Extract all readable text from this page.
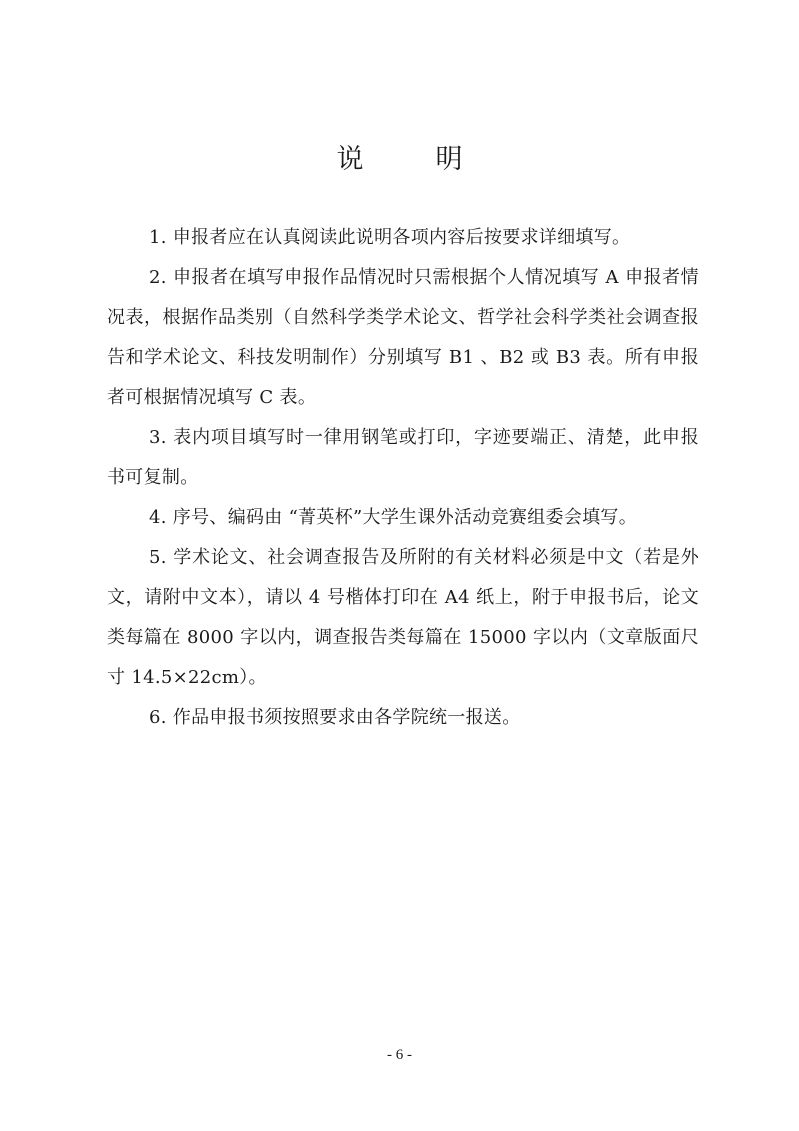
说	明

1. 申报者应在认真阅读此说明各项内容后按要求详细填写。

2. 申报者在填写申报作品情况时只需根据个人情况填写 A 申报者情况表，根据作品类别（自然科学类学术论文、哲学社会科学类社会调查报告和学术论文、科技发明制作）分别填写 B1 、B2 或 B3 表。所有申报者可根据情况填写 C 表。

3. 表内项目填写时一律用钢笔或打印，字迹要端正、清楚，此申报书可复制。

4. 序号、编码由 “菁英杯”大学生课外活动竞赛组委会填写。

5. 学术论文、社会调查报告及所附的有关材料必须是中文（若是外文，请附中文本），请以 4 号楷体打印在 A4 纸上，附于申报书后，论文类每篇在 8000 字以内，调查报告类每篇在 15000 字以内（文章版面尺寸 14.5×22cm）。

6. 作品申报书须按照要求由各学院统一报送。

- 6 -
